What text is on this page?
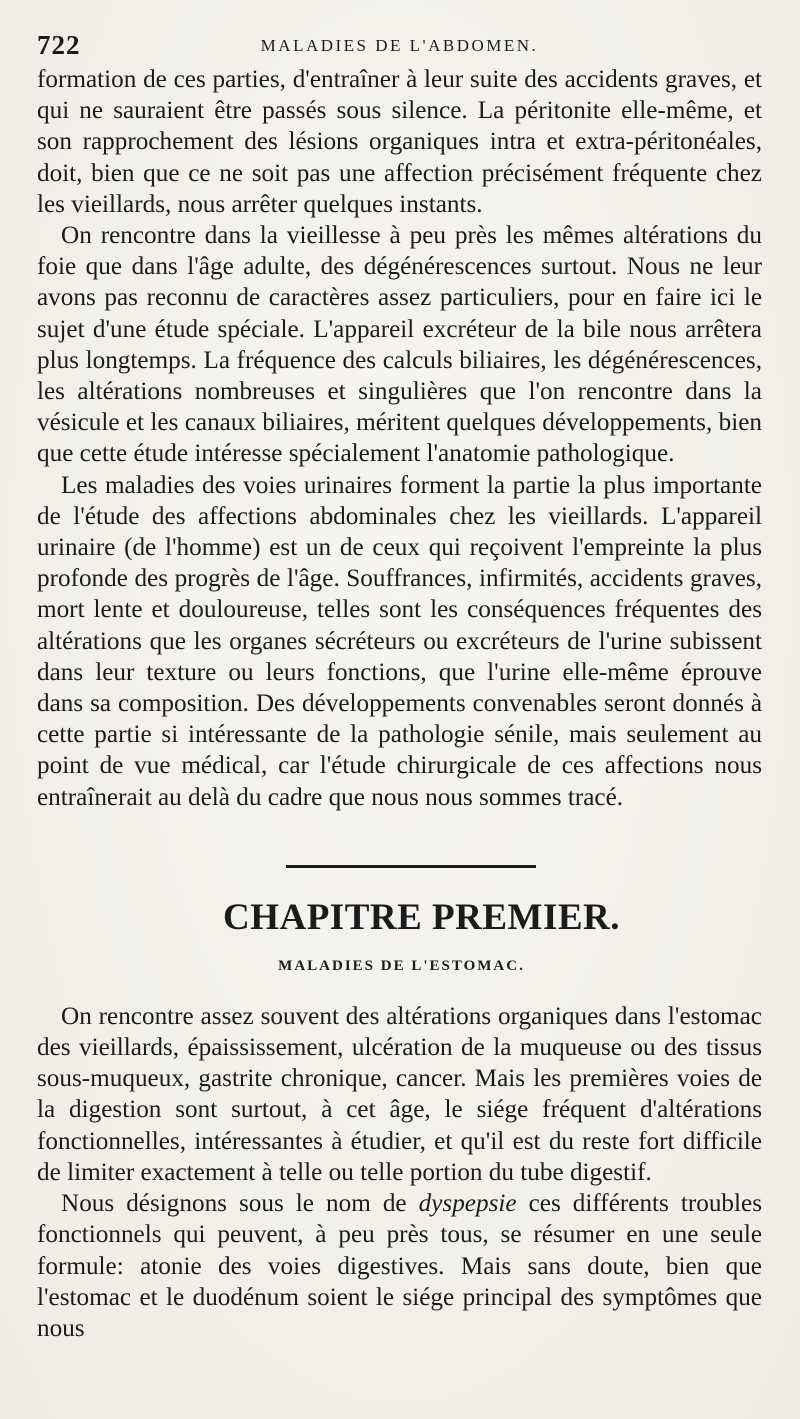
722	MALADIES DE L'ABDOMEN.

formation de ces parties, d'entraîner à leur suite des accidents graves, et qui ne sauraient être passés sous silence. La péritonite elle-même, et son rapprochement des lésions organiques intra et extra-péritonéales, doit, bien que ce ne soit pas une affection précisément fréquente chez les vieillards, nous arrêter quelques instants.

On rencontre dans la vieillesse à peu près les mêmes altérations du foie que dans l'âge adulte, des dégénérescences surtout. Nous ne leur avons pas reconnu de caractères assez particuliers, pour en faire ici le sujet d'une étude spéciale. L'appareil excréteur de la bile nous arrêtera plus longtemps. La fréquence des calculs biliaires, les dégénérescences, les altérations nombreuses et singulières que l'on rencontre dans la vésicule et les canaux biliaires, méritent quelques développements, bien que cette étude intéresse spécialement l'anatomie pathologique.

Les maladies des voies urinaires forment la partie la plus importante de l'étude des affections abdominales chez les vieillards. L'appareil urinaire (de l'homme) est un de ceux qui reçoivent l'empreinte la plus profonde des progrès de l'âge. Souffrances, infirmités, accidents graves, mort lente et douloureuse, telles sont les conséquences fréquentes des altérations que les organes sécréteurs ou excréteurs de l'urine subissent dans leur texture ou leurs fonctions, que l'urine elle-même éprouve dans sa composition. Des développements convenables seront donnés à cette partie si intéressante de la pathologie sénile, mais seulement au point de vue médical, car l'étude chirurgicale de ces affections nous entraînerait au delà du cadre que nous nous sommes tracé.

CHAPITRE PREMIER.
MALADIES DE L'ESTOMAC.

On rencontre assez souvent des altérations organiques dans l'estomac des vieillards, épaississement, ulcération de la muqueuse ou des tissus sous-muqueux, gastrite chronique, cancer. Mais les premières voies de la digestion sont surtout, à cet âge, le siége fréquent d'altérations fonctionnelles, intéressantes à étudier, et qu'il est du reste fort difficile de limiter exactement à telle ou telle portion du tube digestif.

Nous désignons sous le nom de dyspepsie ces différents troubles fonctionnels qui peuvent, à peu près tous, se résumer en une seule formule: atonie des voies digestives. Mais sans doute, bien que l'estomac et le duodénum soient le siége principal des symptômes que nous
